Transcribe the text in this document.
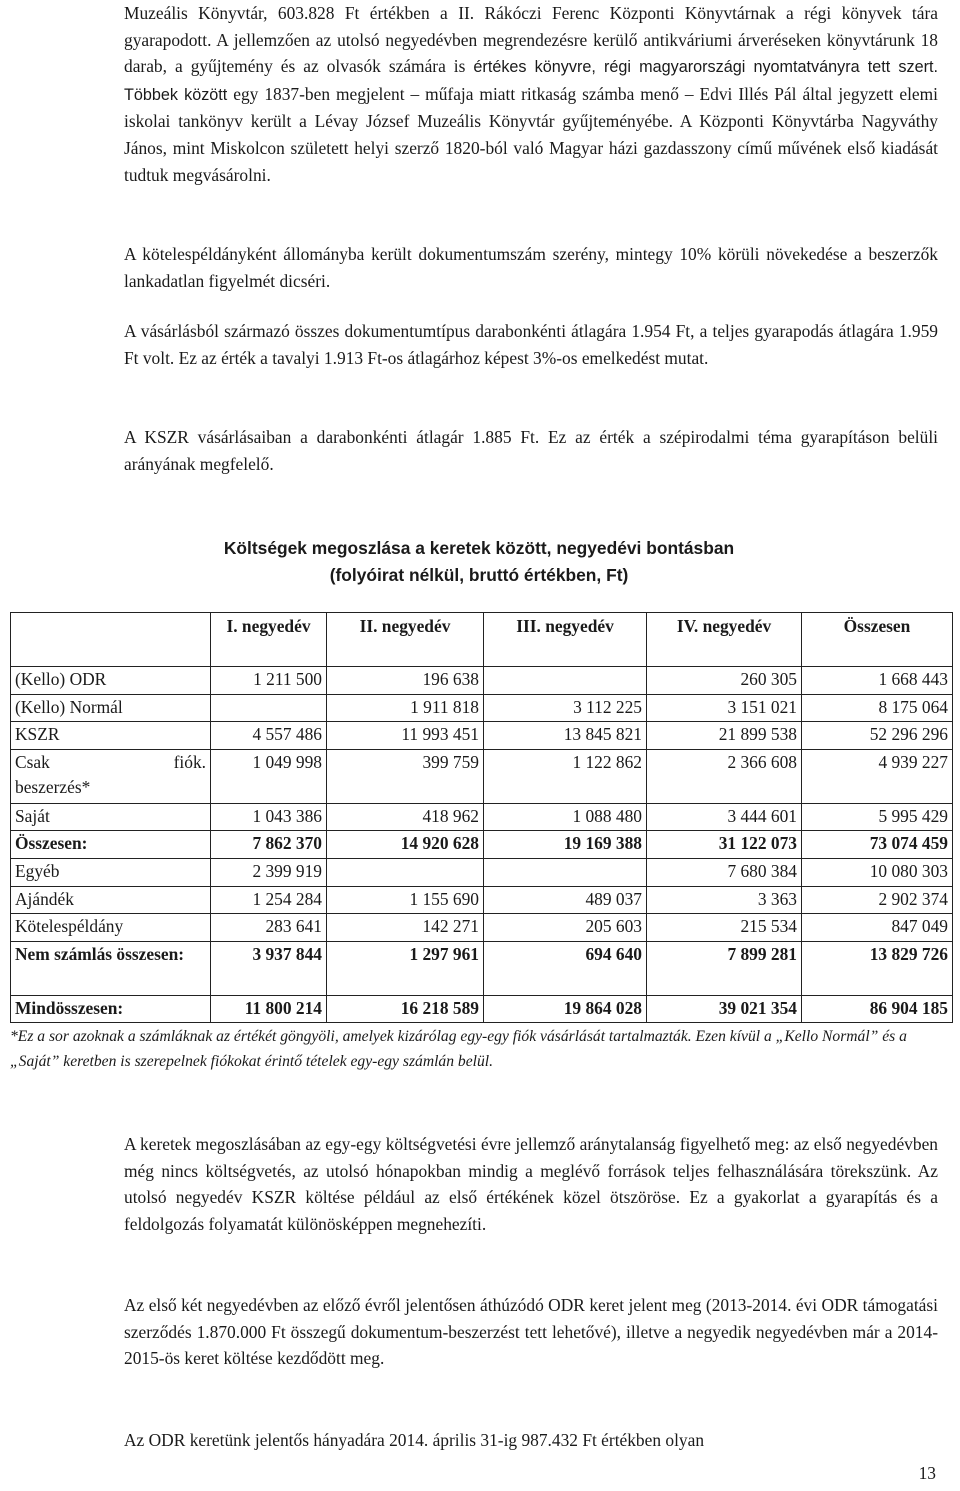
Muzeális Könyvtár, 603.828 Ft értékben a II. Rákóczi Ferenc Központi Könyvtárnak a régi könyvek tára gyarapodott. A jellemzően az utolsó negyedévben megrendezésre kerülő antikváriumi árveréseken könyvtárunk 18 darab, a gyűjtemény és az olvasók számára is értékes könyvre, régi magyarországi nyomtatványra tett szert. Többek között egy 1837-ben megjelent – műfaja miatt ritkaság számba menő – Edvi Illés Pál által jegyzett elemi iskolai tankönyv került a Lévay József Muzeális Könyvtár gyűjteményébe. A Központi Könyvtárba Nagyváthy János, mint Miskolcon született helyi szerző 1820-ból való Magyar házi gazdasszony című művének első kiadását tudtuk megvásárolni.

A kötelespéldányként állományba került dokumentumszám szerény, mintegy 10% körüli növekedése a beszerzők lankadatlan figyelmét dicséri.

A vásárlásból származó összes dokumentumtípus darabonkénti átlagára 1.954 Ft, a teljes gyarapodás átlagára 1.959 Ft volt. Ez az érték a tavalyi 1.913 Ft-os átlagárhoz képest 3%-os emelkedést mutat.

A KSZR vásárlásaiban a darabonkénti átlagár 1.885 Ft. Ez az érték a szépirodalmi téma gyarapításon belüli arányának megfelelő.

Költségek megoszlása a keretek között, negyedévi bontásban

(folyóirat nélkül, bruttó értékben, Ft)

	I. negyedév	II. negyedév	III. negyedév	IV. negyedév	Összesen
(Kello) ODR	1 211 500	196 638		260 305	1 668 443
(Kello) Normál		1 911 818	3 112 225	3 151 021	8 175 064
KSZR	4 557 486	11 993 451	13 845 821	21 899 538	52 296 296

Csak fiók.
beszerzés*	1 049 998	399 759	1 122 862	2 366 608	4 939 227
Saját	1 043 386	418 962	1 088 480	3 444 601	5 995 429
Összesen:	7 862 370	14 920 628	19 169 388	31 122 073	73 074 459
Egyéb	2 399 919			7 680 384	10 080 303
Ajándék	1 254 284	1 155 690	489 037	3 363	2 902 374
Kötelespéldány	283 641	142 271	205 603	215 534	847 049
Nem számlás összesen:	3 937 844	1 297 961	694 640	7 899 281	13 829 726
Mindösszesen:	11 800 214	16 218 589	19 864 028	39 021 354	86 904 185

*Ez a sor azoknak a számláknak az értékét göngyöli, amelyek kizárólag egy-egy fiók vásárlását tartalmazták. Ezen kívül a „Kello Normál” és a „Saját” keretben is szerepelnek fiókokat érintő tételek egy-egy számlán belül.

A keretek megoszlásában az egy-egy költségvetési évre jellemző aránytalanság figyelhető meg: az első negyedévben még nincs költségvetés, az utolsó hónapokban mindig a meglévő források teljes felhasználására törekszünk. Az utolsó negyedév KSZR költése például az első értékének közel ötszöröse. Ez a gyakorlat a gyarapítás és a feldolgozás folyamatát különösképpen megnehezíti.

Az első két negyedévben az előző évről jelentősen áthúzódó ODR keret jelent meg (2013-2014. évi ODR támogatási szerződés 1.870.000 Ft összegű dokumentum-beszerzést tett lehetővé), illetve a negyedik negyedévben már a 2014-2015-ös keret költése kezdődött meg.

Az ODR keretünk jelentős hányadára 2014. április 31-ig 987.432 Ft értékben olyan

13
